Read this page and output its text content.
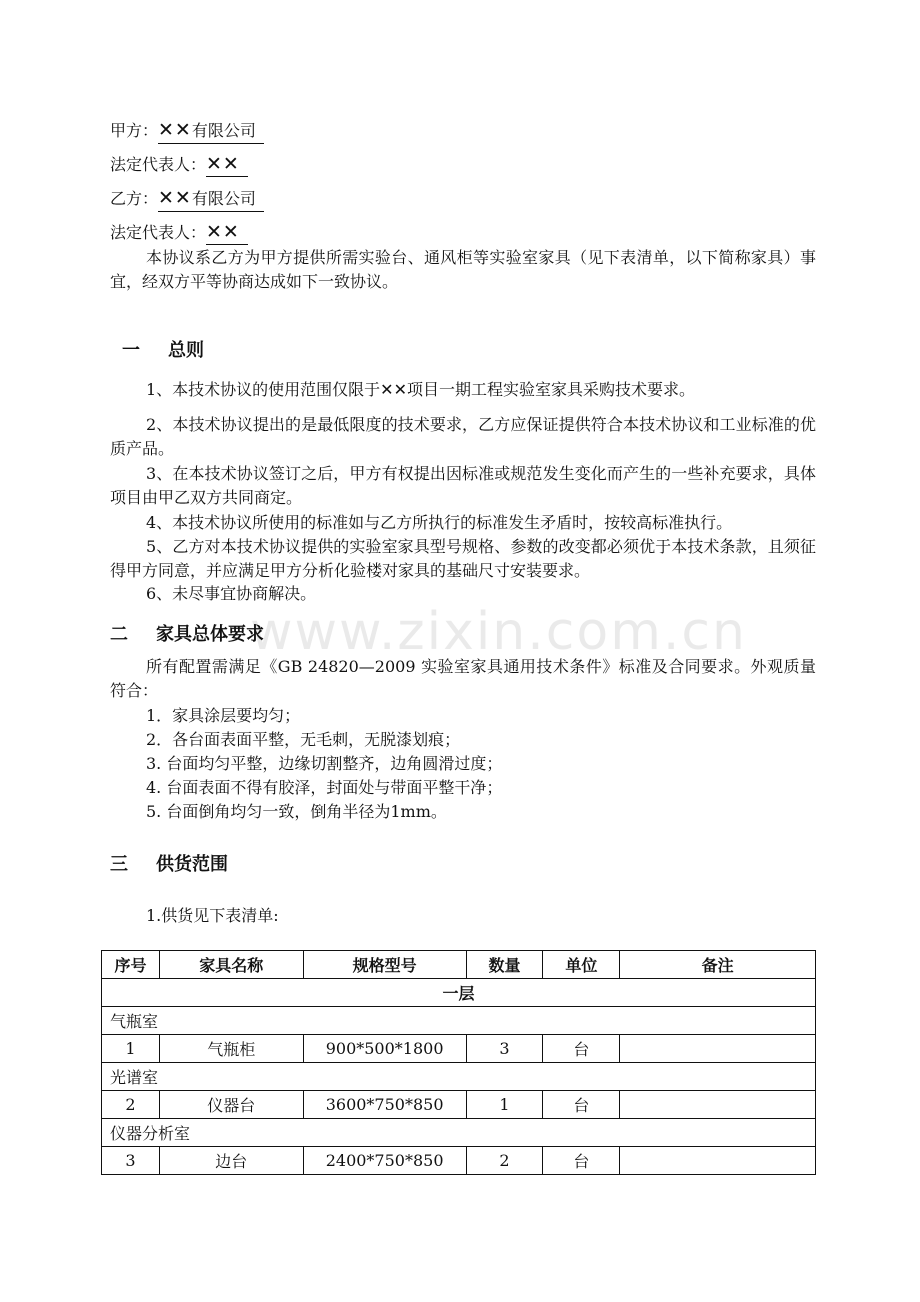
甲方：✕✕有限公司
法定代表人：✕✕
乙方：✕✕有限公司
法定代表人：✕✕
本协议系乙方为甲方提供所需实验台、通风柜等实验室家具（见下表清单，以下简称家具）事宜，经双方平等协商达成如下一致协议。
一 总则
1、本技术协议的使用范围仅限于✕✕项目一期工程实验室家具采购技术要求。
2、本技术协议提出的是最低限度的技术要求，乙方应保证提供符合本技术协议和工业标准的优质产品。
3、在本技术协议签订之后，甲方有权提出因标准或规范发生变化而产生的一些补充要求，具体项目由甲乙双方共同商定。
4、本技术协议所使用的标准如与乙方所执行的标准发生矛盾时，按较高标准执行。
5、乙方对本技术协议提供的实验室家具型号规格、参数的改变都必须优于本技术条款，且须征得甲方同意，并应满足甲方分析化验楼对家具的基础尺寸安装要求。
6、未尽事宜协商解决。
www.zixin.com.cn
二 家具总体要求
所有配置需满足《GB 24820—2009 实验室家具通用技术条件》标准及合同要求。外观质量符合：
1．家具涂层要均匀；
2．各台面表面平整，无毛刺，无脱漆划痕；
3. 台面均匀平整，边缘切割整齐，边角圆滑过度；
4. 台面表面不得有胶泽，封面处与带面平整干净；
5. 台面倒角均匀一致，倒角半径为1mm。
三 供货范围
1.供货见下表清单:
序号	家具名称	规格型号	数量	单位	备注
一层					
气瓶室					
1	气瓶柜	900*500*1800	3	台	
光谱室					
2	仪器台	3600*750*850	1	台	
仪器分析室					
3	边台	2400*750*850	2	台	
